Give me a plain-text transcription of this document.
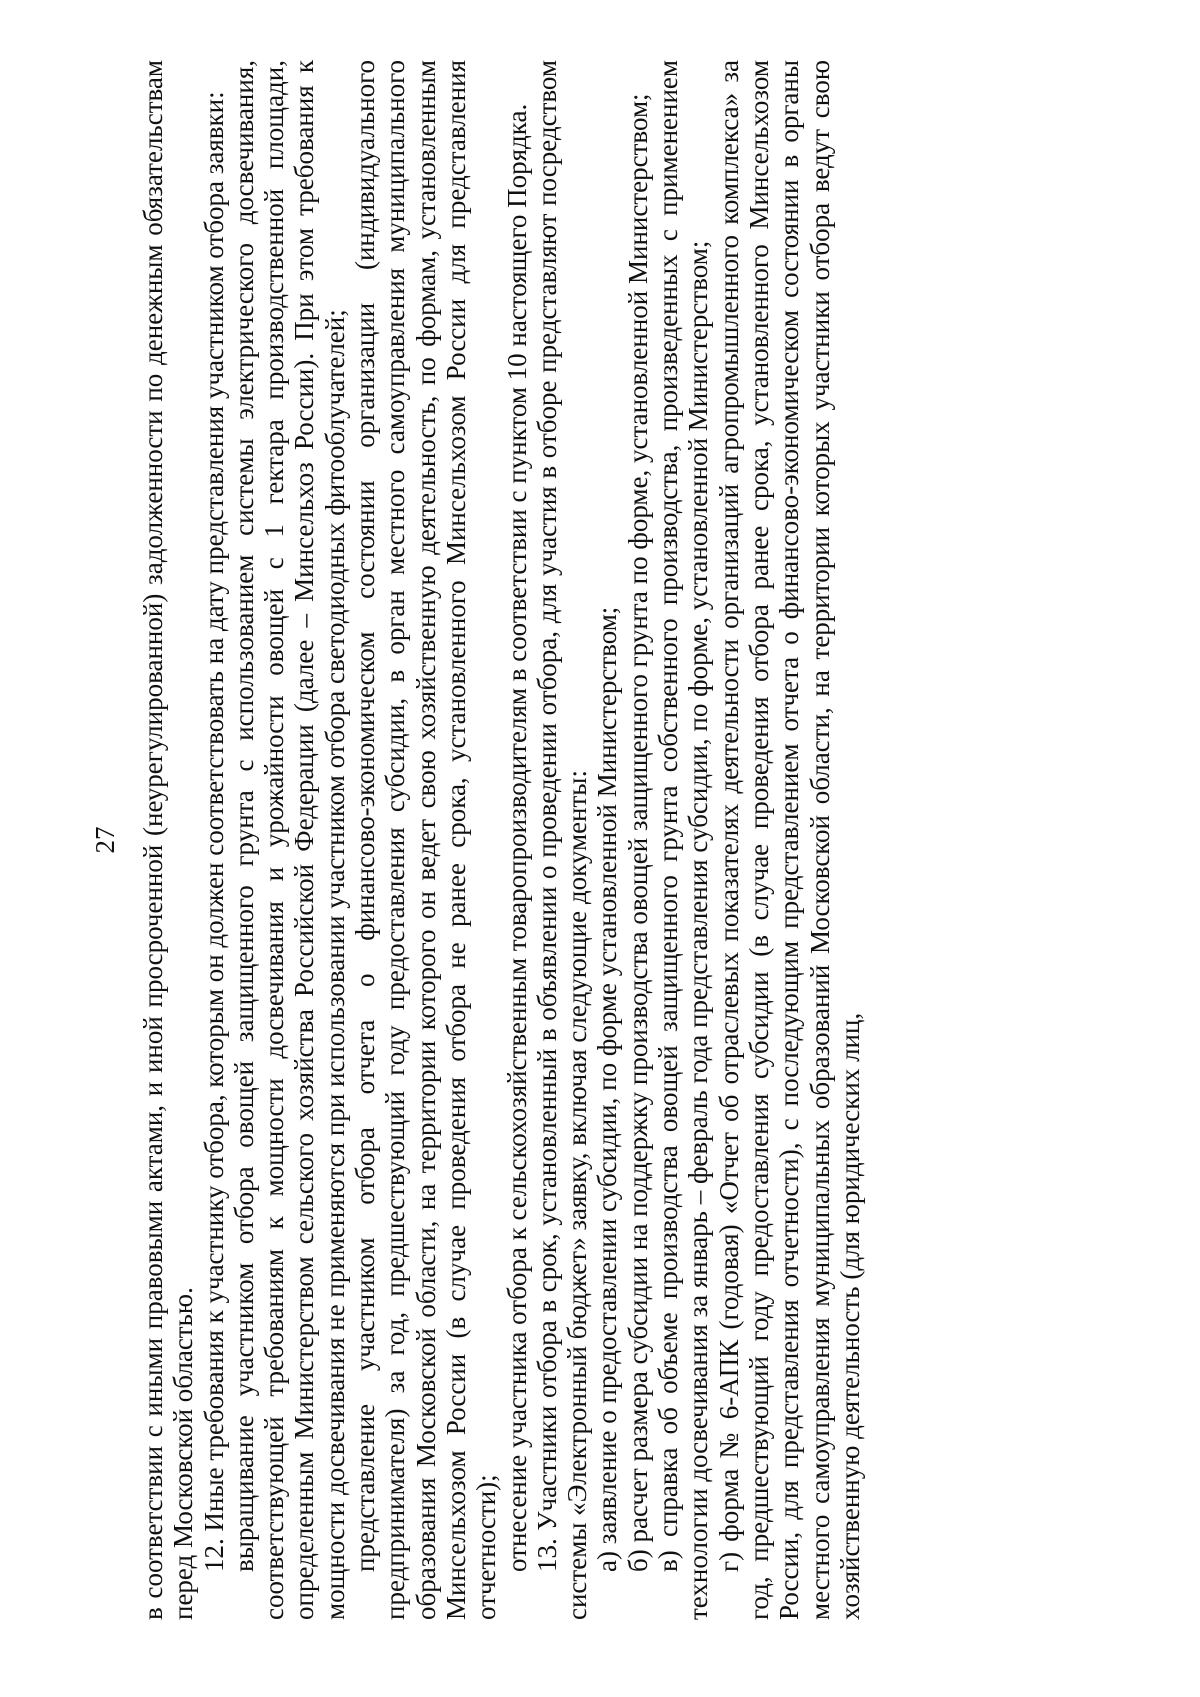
27 в соответствии с иными правовыми актами, и иной просроченной (неурегулированной) задолженности по денежным обязательствам перед Московской областью. 12. Иные требования к участнику отбора, которым он должен соответствовать на дату представления участником отбора заявки: выращивание участником отбора овощей защищенного грунта с использованием системы электрического досвечивания, соответствующей требованиям к мощности досвечивания и урожайности овощей с 1 гектара производственной площади, определенным Министерством сельского хозяйства Российской Федерации (далее – Минсельхоз России). При этом требования к мощности досвечивания не применяются при использовании участником отбора светодиодных фитооблучателей; представление участником отбора отчета о финансово-экономическом состоянии организации (индивидуального предпринимателя) за год, предшествующий году предоставления субсидии, в орган местного самоуправления муниципального образования Московской области, на территории которого он ведет свою хозяйственную деятельность, по формам, установленным Минсельхозом России (в случае проведения отбора не ранее срока, установленного Минсельхозом России для представления отчетности); отнесение участника отбора к сельскохозяйственным товаропроизводителям в соответствии с пунктом 10 настоящего Порядка. 13. Участники отбора в срок, установленный в объявлении о проведении отбора, для участия в отборе представляют посредством системы «Электронный бюджет» заявку, включая следующие документы: а) заявление о предоставлении субсидии, по форме установленной Министерством; б) расчет размера субсидии на поддержку производства овощей защищенного грунта по форме, установленной Министерством; в) справка об объеме производства овощей защищенного грунта собственного производства, произведенных с применением технологии досвечивания за январь – февраль года представления субсидии, по форме, установленной Министерством; г) форма № 6-АПК (годовая) «Отчет об отраслевых показателях деятельности организаций агропромышленного комплекса» за год, предшествующий году предоставления субсидии (в случае проведения отбора ранее срока, установленного Минсельхозом России, для представления отчетности), с последующим представлением отчета о финансово-экономическом состоянии в органы местного самоуправления муниципальных образований Московской области, на территории которых участники отбора ведут свою хозяйственную деятельность (для юридических лиц,
